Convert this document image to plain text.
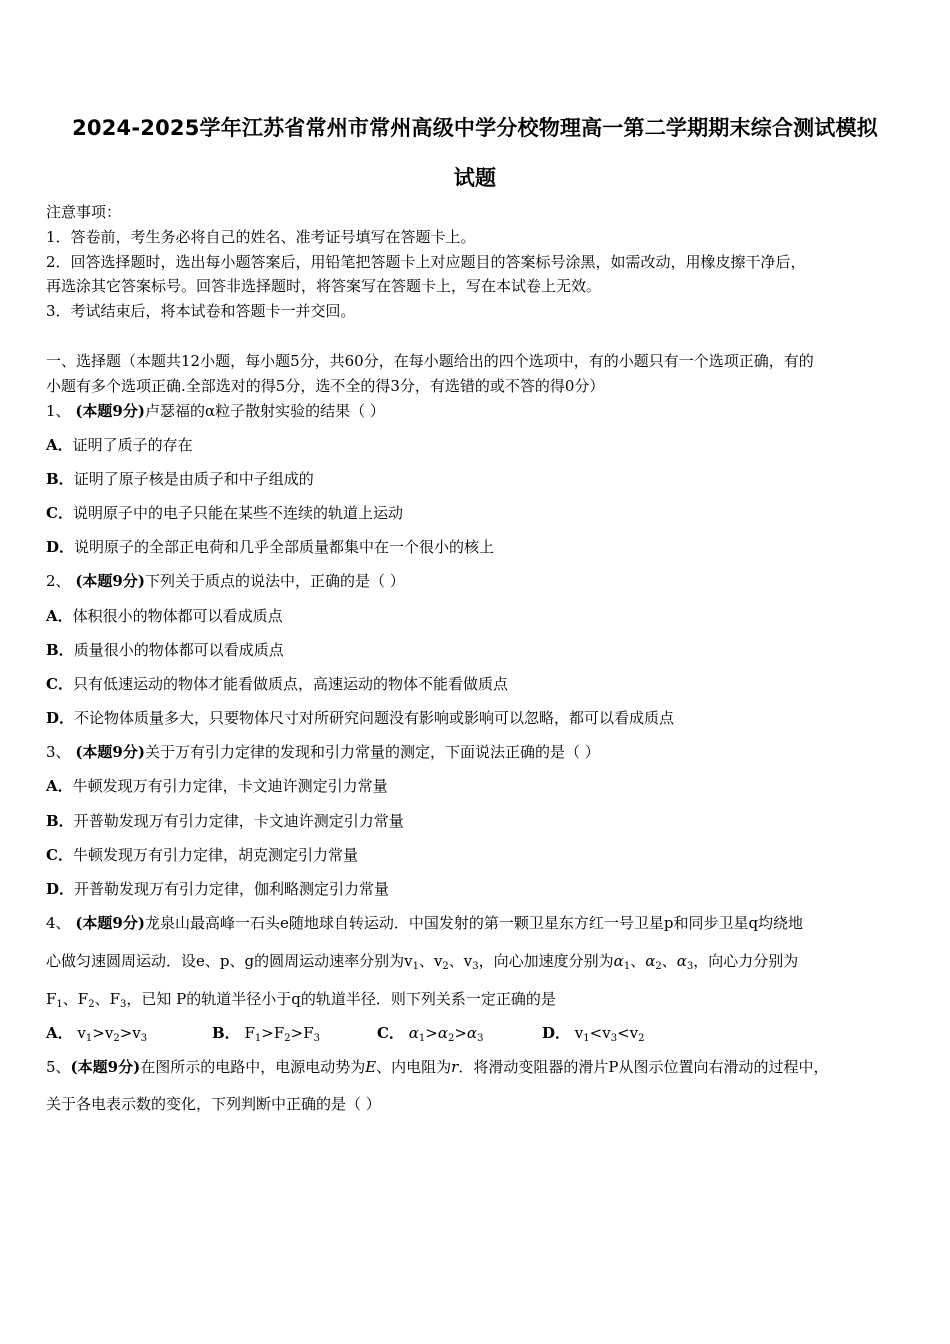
2024-2025学年江苏省常州市常州高级中学分校物理高一第二学期期末综合测试模拟
试题
注意事项：
1．答卷前，考生务必将自己的姓名、准考证号填写在答题卡上。
2．回答选择题时，选出每小题答案后，用铅笔把答题卡上对应题目的答案标号涂黑，如需改动，用橡皮擦干净后，
再选涂其它答案标号。回答非选择题时，将答案写在答题卡上，写在本试卷上无效。
3．考试结束后，将本试卷和答题卡一并交回。
一、选择题（本题共12小题，每小题5分，共60分，在每小题给出的四个选项中，有的小题只有一个选项正确，有的
小题有多个选项正确.全部选对的得5分，选不全的得3分，有选错的或不答的得0分）
1、 (本题9分)卢瑟福的α粒子散射实验的结果（ ）
A．证明了质子的存在
B．证明了原子核是由质子和中子组成的
C．说明原子中的电子只能在某些不连续的轨道上运动
D．说明原子的全部正电荷和几乎全部质量都集中在一个很小的核上
2、 (本题9分)下列关于质点的说法中，正确的是（ ）
A．体积很小的物体都可以看成质点
B．质量很小的物体都可以看成质点
C．只有低速运动的物体才能看做质点，高速运动的物体不能看做质点
D．不论物体质量多大，只要物体尺寸对所研究问题没有影响或影响可以忽略，都可以看成质点
3、 (本题9分)关于万有引力定律的发现和引力常量的测定，下面说法正确的是（ ）
A．牛顿发现万有引力定律，卡文迪许测定引力常量
B．开普勒发现万有引力定律，卡文迪许测定引力常量
C．牛顿发现万有引力定律，胡克测定引力常量
D．开普勒发现万有引力定律，伽利略测定引力常量
4、 (本题9分)龙泉山最高峰一石头e随地球自转运动．中国发射的第一颗卫星东方红一号卫星p和同步卫星q均绕地
心做匀速圆周运动．设e、p、g的圆周运动速率分别为$v_1$、$v_2$、$v_3$，向心加速度分别为$\alpha_1$、$\alpha_2$、$\alpha_3$，向心力分别为
$F_1$、$F_2$、$F_3$，已知 P的轨道半径小于q的轨道半径．则下列关系一定正确的是
A． $v_1>v_2>v_3$	B． $F_1>F_2>F_3$	C． $\alpha_1>\alpha_2>\alpha_3$	D． $v_1<v_3<v_2$
5、(本题9分)在图所示的电路中，电源电动势为E、内电阻为r．将滑动变阻器的滑片P从图示位置向右滑动的过程中，
关于各电表示数的变化，下列判断中正确的是（ ）
